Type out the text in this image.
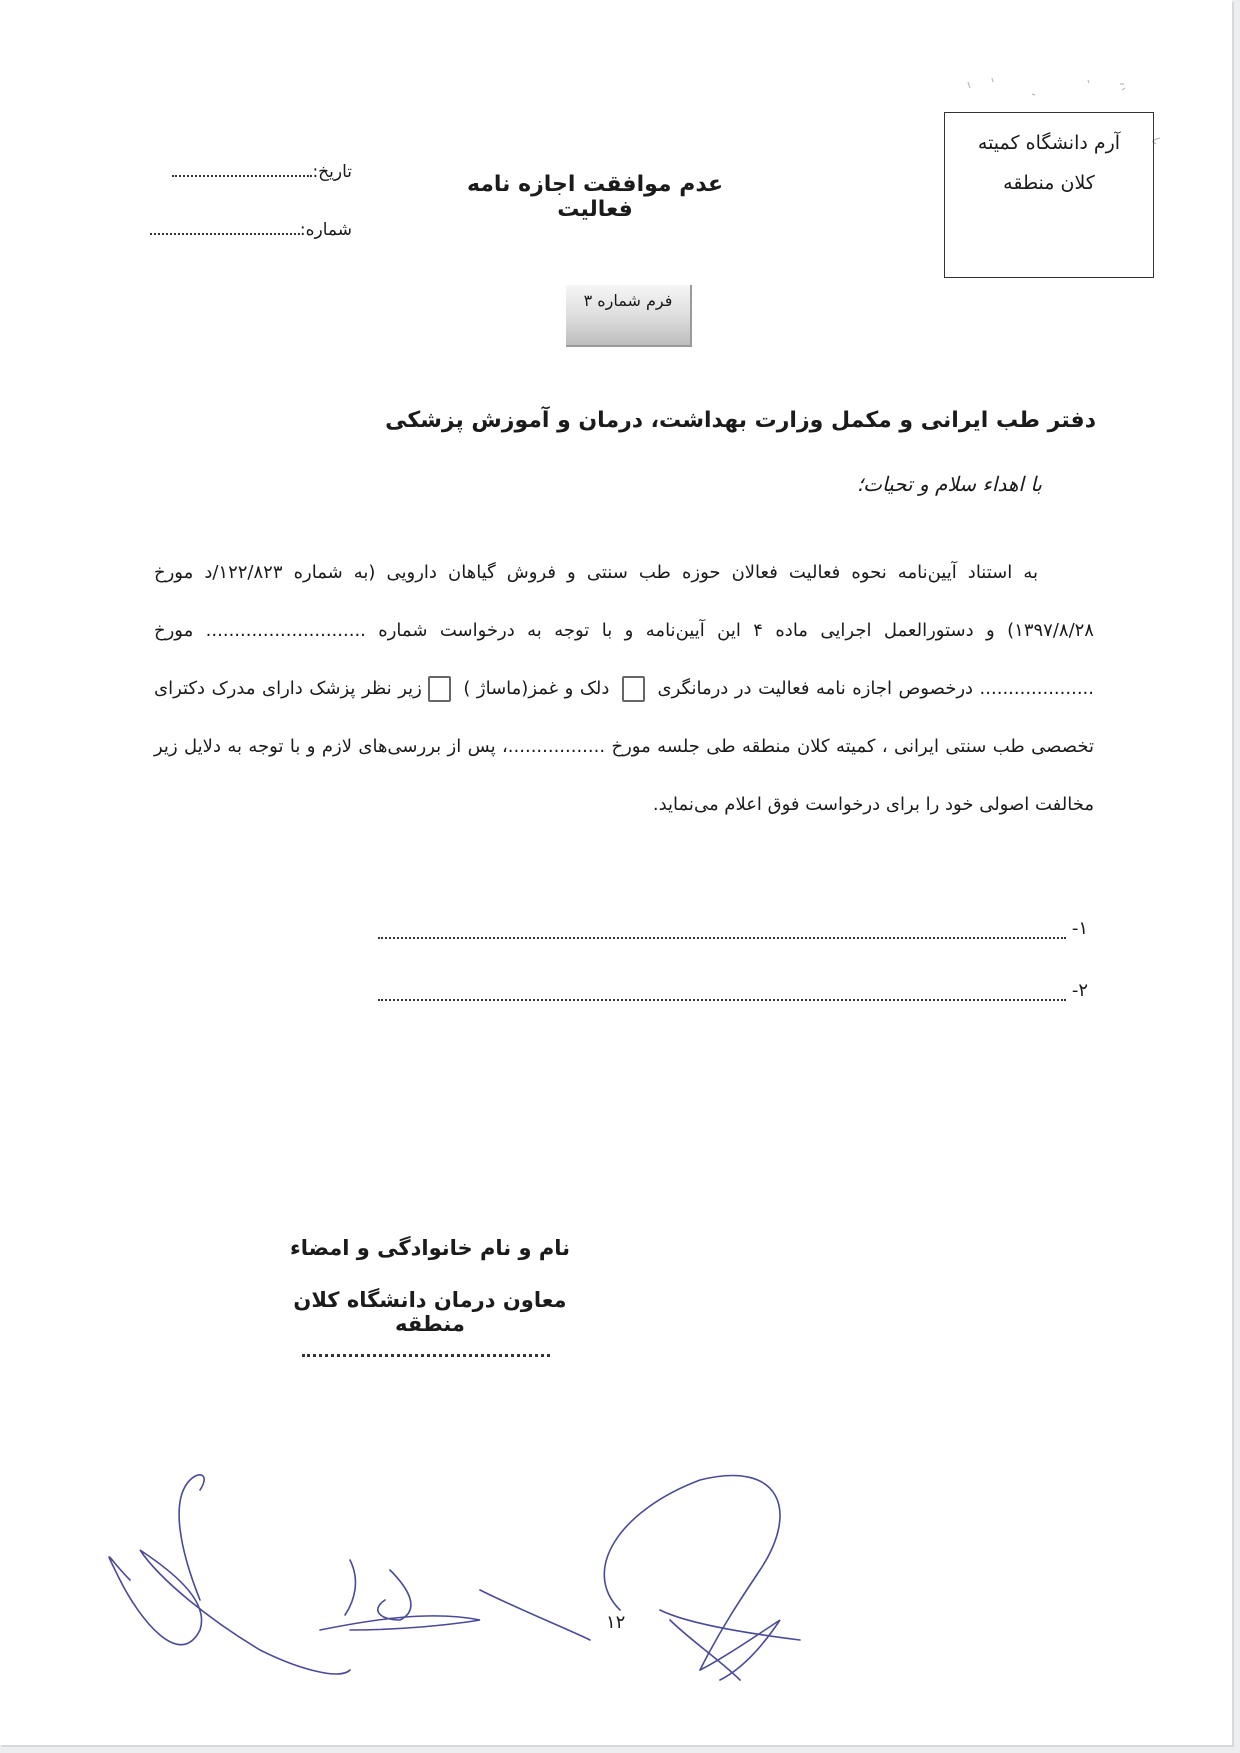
آرم دانشگاه کمیته
کلان منطقه
عدم موافقت اجازه نامه فعالیت
تاریخ:
شماره:
فرم شماره ۳
دفتر طب ایرانی و مکمل وزارت بهداشت، درمان و آموزش پزشکی
با اهداء سلام و تحیات؛
به استناد آیین‌نامه نحوه فعالیت فعالان حوزه طب سنتی و فروش گیاهان دارویی (به شماره ۱۲۲/۸۲۳/د مورخ ۱۳۹۷/۸/۲۸) و دستورالعمل اجرایی ماده ۴ این آیین‌نامه و با توجه به درخواست شماره ............................ مورخ .................... درخصوص اجازه نامه فعالیت در درمانگری  دلک و غمز(ماساژ ) زیر نظر پزشک دارای مدرک دکترای تخصصی طب سنتی ایرانی ، کمیته کلان منطقه طی جلسه مورخ .................، پس از بررسی‌های لازم و با توجه به دلایل زیر مخالفت اصولی خود را برای درخواست فوق اعلام می‌نماید.
۱-
۲-
نام و نام خانوادگی و امضاء
معاون درمان دانشگاه کلان منطقه
۱۲
